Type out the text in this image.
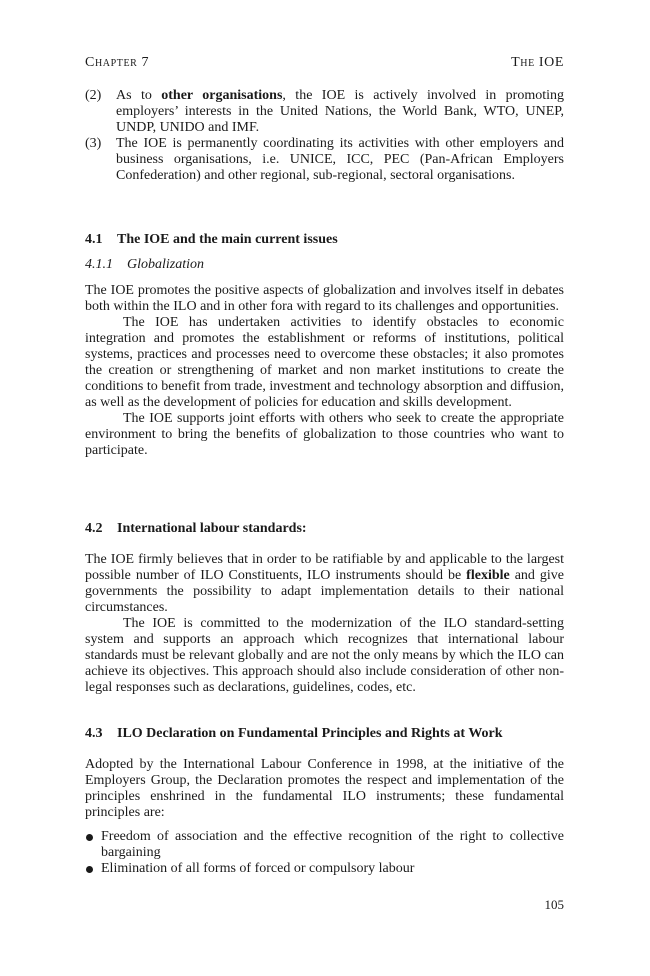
Chapter 7	The IOE
(2) As to other organisations, the IOE is actively involved in promoting employers’ interests in the United Nations, the World Bank, WTO, UNEP, UNDP, UNIDO and IMF.
(3) The IOE is permanently coordinating its activities with other employers and business organisations, i.e. UNICE, ICC, PEC (Pan-African Employers Confederation) and other regional, sub-regional, sectoral organisations.
4.1 The IOE and the main current issues
4.1.1 Globalization

The IOE promotes the positive aspects of globalization and involves itself in debates both within the ILO and in other fora with regard to its challenges and opportunities.

The IOE has undertaken activities to identify obstacles to economic integration and promotes the establishment or reforms of institutions, political systems, practices and processes need to overcome these obstacles; it also promotes the creation or strengthening of market and non market institutions to create the conditions to benefit from trade, investment and technology absorption and diffusion, as well as the development of policies for education and skills development.

The IOE supports joint efforts with others who seek to create the appropriate environment to bring the benefits of globalization to those countries who want to participate.

4.2 International labour standards:

The IOE firmly believes that in order to be ratifiable by and applicable to the largest possible number of ILO Constituents, ILO instruments should be flexible and give governments the possibility to adapt implementation details to their national circumstances.

The IOE is committed to the modernization of the ILO standard-setting system and supports an approach which recognizes that international labour standards must be relevant globally and are not the only means by which the ILO can achieve its objectives. This approach should also include consideration of other non-legal responses such as declarations, guidelines, codes, etc.

4.3 ILO Declaration on Fundamental Principles and Rights at Work

Adopted by the International Labour Conference in 1998, at the initiative of the Employers Group, the Declaration promotes the respect and implementation of the principles enshrined in the fundamental ILO instruments; these fundamental principles are:

Freedom of association and the effective recognition of the right to collective bargaining
Elimination of all forms of forced or compulsory labour
105
